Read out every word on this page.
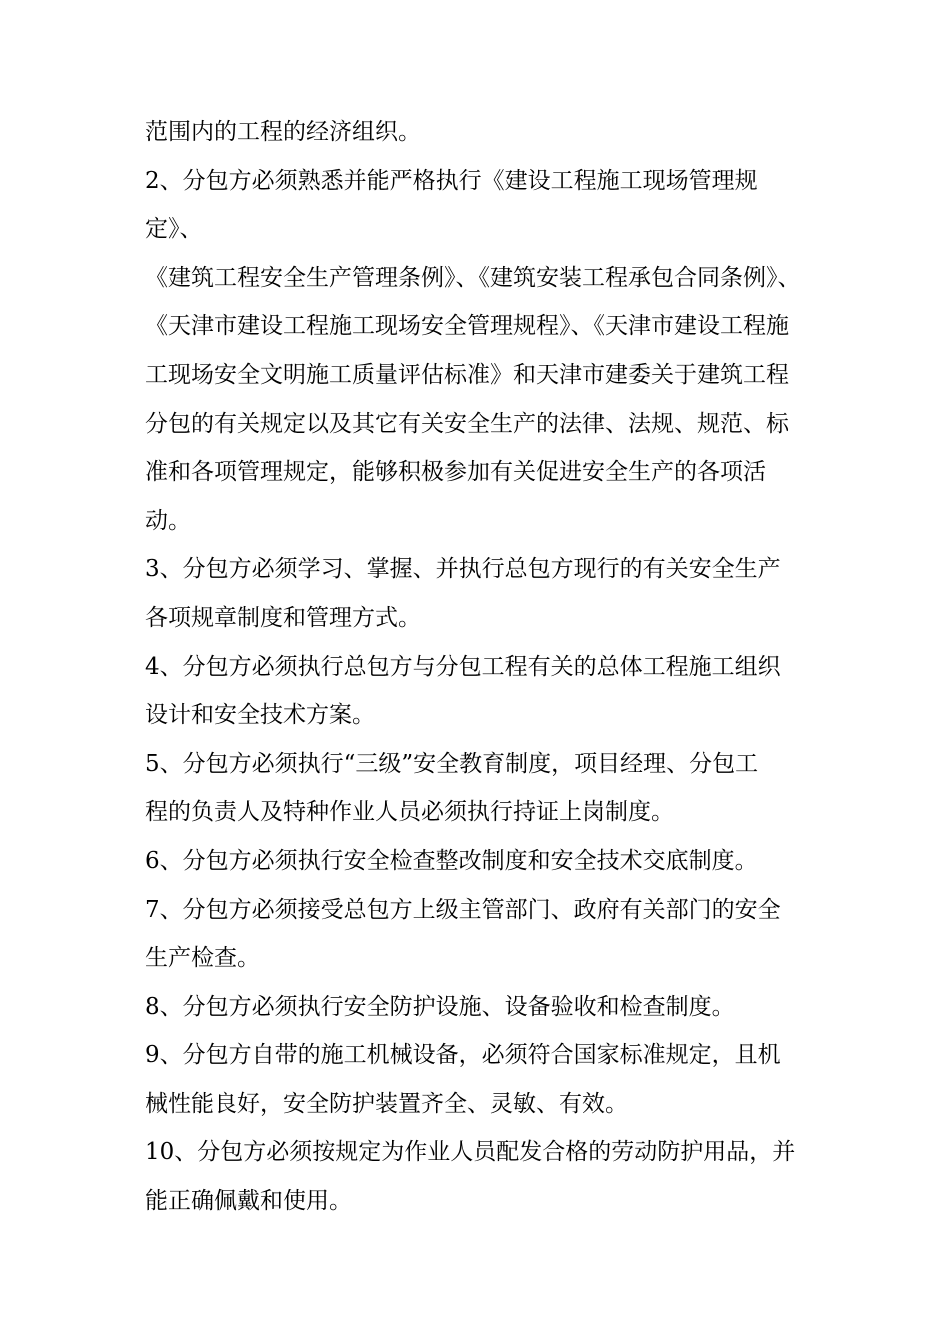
范围内的工程的经济组织。

2、分包方必须熟悉并能严格执行《建设工程施工现场管理规定》、
《建筑工程安全生产管理条例》、《建筑安装工程承包合同条例》、
《天津市建设工程施工现场安全管理规程》、《天津市建设工程施
工现场安全文明施工质量评估标准》和天津市建委关于建筑工程
分包的有关规定以及其它有关安全生产的法律、法规、规范、标
准和各项管理规定，能够积极参加有关促进安全生产的各项活
动。

3、分包方必须学习、掌握、并执行总包方现行的有关安全生产
各项规章制度和管理方式。

4、分包方必须执行总包方与分包工程有关的总体工程施工组织
设计和安全技术方案。

5、分包方必须执行“三级”安全教育制度，项目经理、分包工
程的负责人及特种作业人员必须执行持证上岗制度。

6、分包方必须执行安全检查整改制度和安全技术交底制度。

7、分包方必须接受总包方上级主管部门、政府有关部门的安全
生产检查。

8、分包方必须执行安全防护设施、设备验收和检查制度。

9、分包方自带的施工机械设备，必须符合国家标准规定，且机
械性能良好，安全防护装置齐全、灵敏、有效。

10、分包方必须按规定为作业人员配发合格的劳动防护用品，并
能正确佩戴和使用。
